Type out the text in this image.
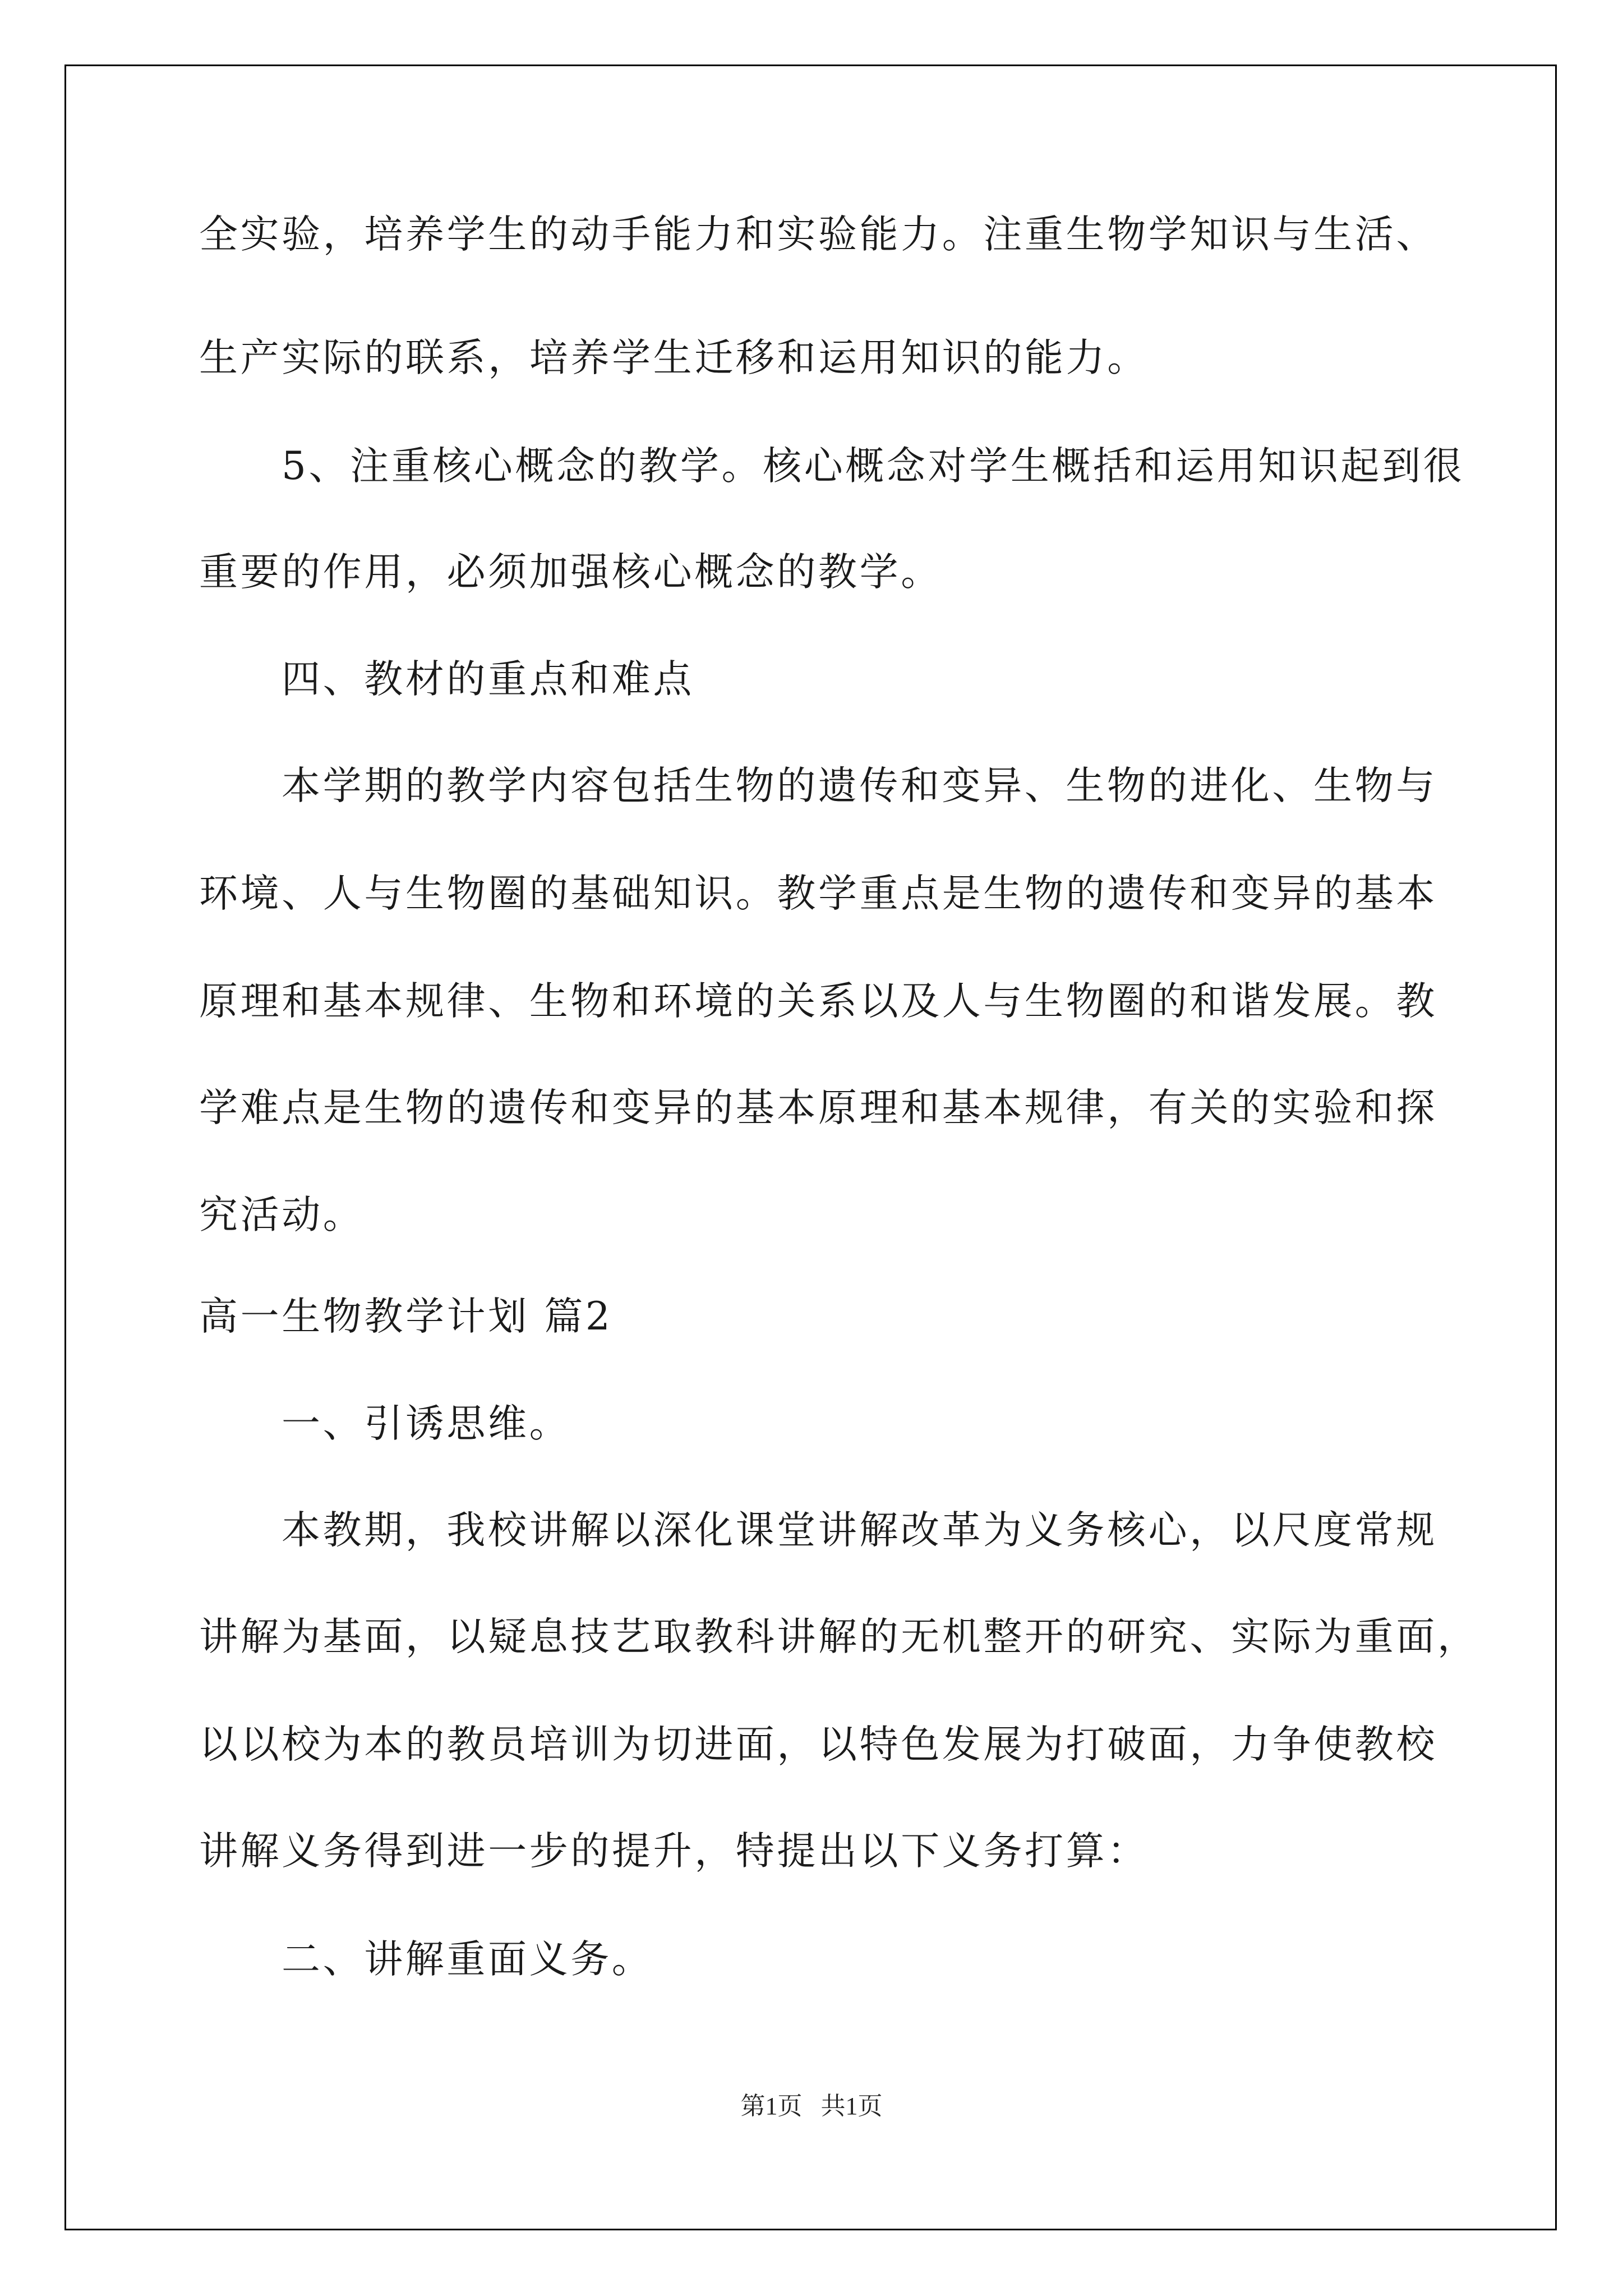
全实验，培养学生的动手能力和实验能力。注重生物学知识与生活、
生产实际的联系，培养学生迁移和运用知识的能力。
5、注重核心概念的教学。核心概念对学生概括和运用知识起到很
重要的作用，必须加强核心概念的教学。
四、教材的重点和难点
本学期的教学内容包括生物的遗传和变异、生物的进化、生物与
环境、人与生物圈的基础知识。教学重点是生物的遗传和变异的基本
原理和基本规律、生物和环境的关系以及人与生物圈的和谐发展。教
学难点是生物的遗传和变异的基本原理和基本规律，有关的实验和探
究活动。
高一生物教学计划 篇2
一、引诱思维。
本教期，我校讲解以深化课堂讲解改革为义务核心，以尺度常规
讲解为基面，以疑息技艺取教科讲解的无机整开的研究、实际为重面，
以以校为本的教员培训为切进面，以特色发展为打破面，力争使教校
讲解义务得到进一步的提升，特提出以下义务打算：
二、讲解重面义务。
第1页   共1页
